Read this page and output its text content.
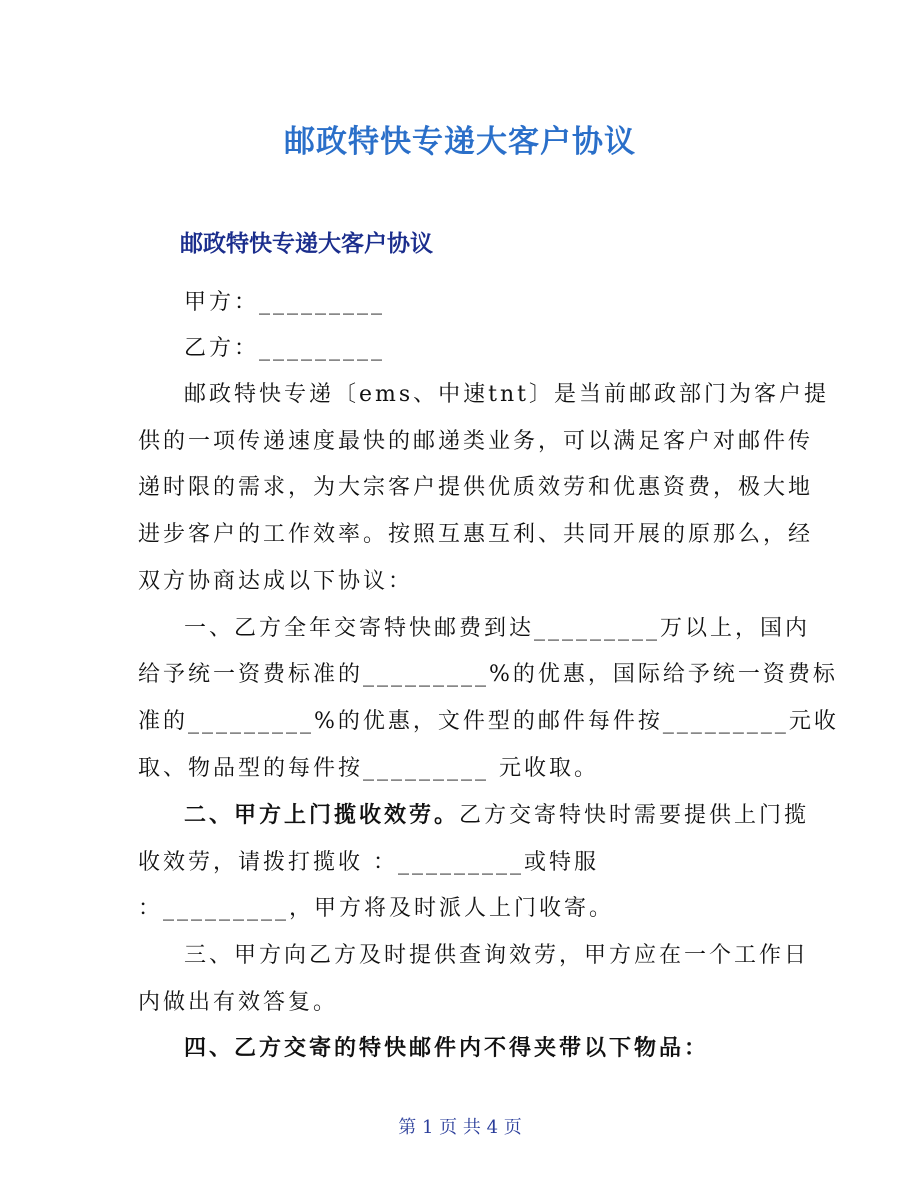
邮政特快专递大客户协议
邮政特快专递大客户协议
甲方：_________
乙方：_________
邮政特快专递〔ems、中速tnt〕是当前邮政部门为客户提
供的一项传递速度最快的邮递类业务，可以满足客户对邮件传
递时限的需求，为大宗客户提供优质效劳和优惠资费，极大地
进步客户的工作效率。按照互惠互利、共同开展的原那么，经
双方协商达成以下协议：
一、乙方全年交寄特快邮费到达_________万以上，国内
给予统一资费标准的_________%的优惠，国际给予统一资费标
准的_________%的优惠，文件型的邮件每件按_________元收
取、物品型的每件按_________ 元收取。
二、甲方上门揽收效劳。乙方交寄特快时需要提供上门揽
收效劳，请拨打揽收 ：_________或特服
：_________，甲方将及时派人上门收寄。
三、甲方向乙方及时提供查询效劳，甲方应在一个工作日
内做出有效答复。
四、乙方交寄的特快邮件内不得夹带以下物品：
第 1 页 共 4 页
